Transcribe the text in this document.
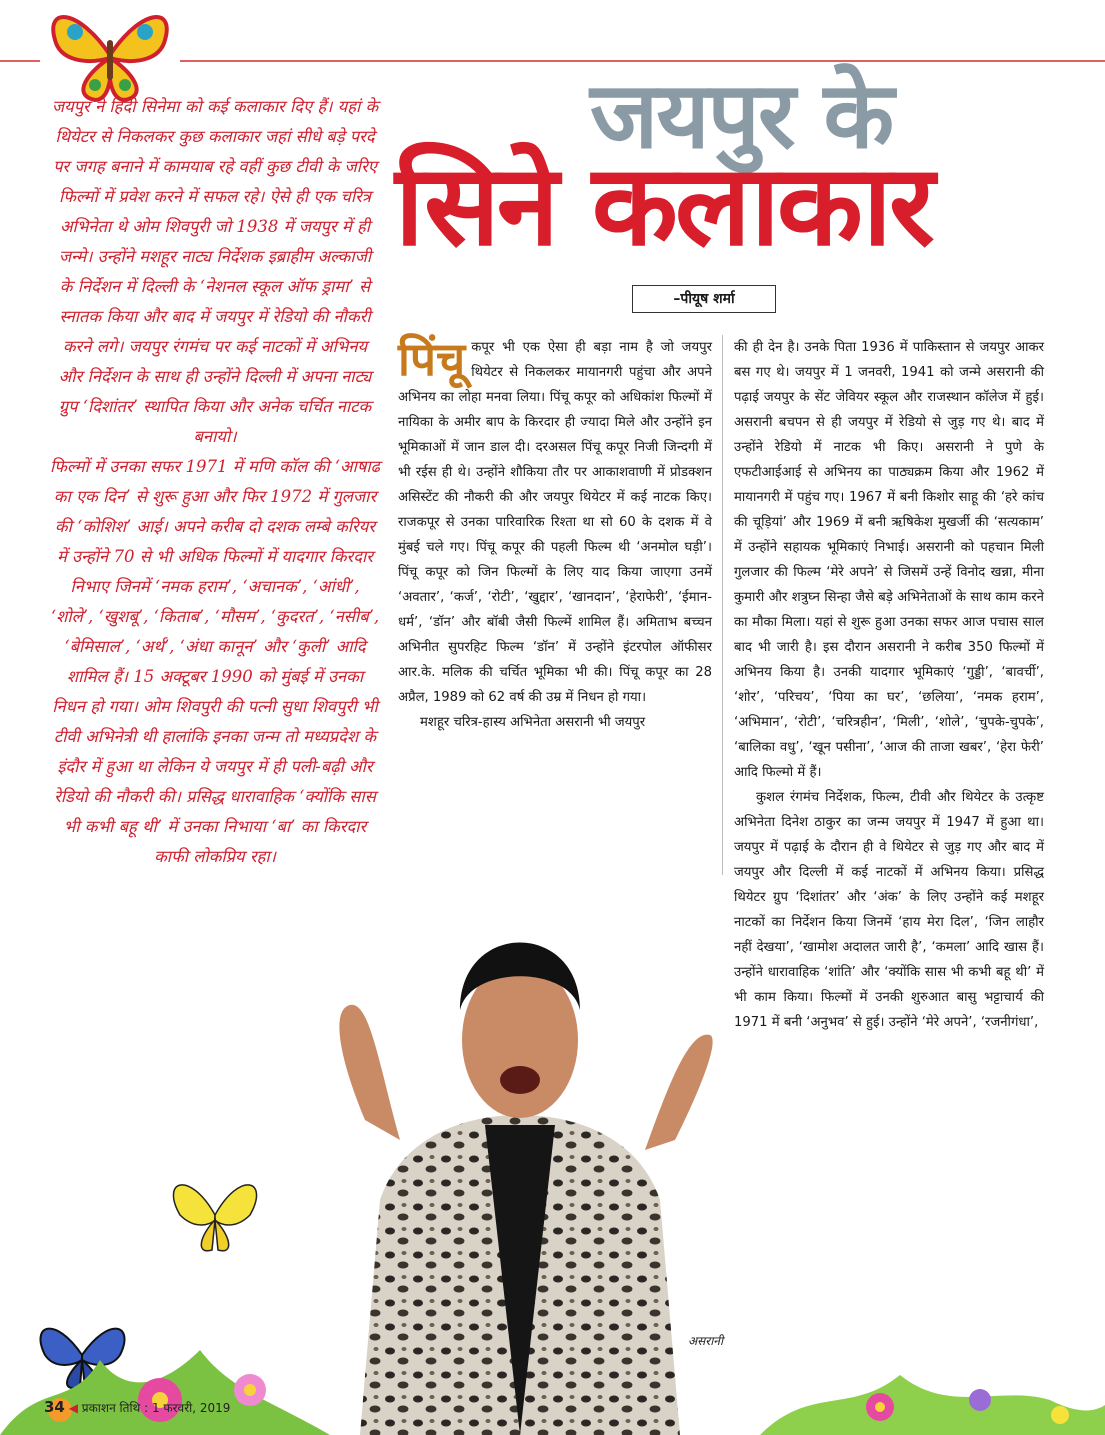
जयपुर के
सिने कलाकार
–पीयूष शर्मा

जयपुर ने हिंदी सिनेमा को कई कलाकार दिए हैं। यहां के थियेटर से निकलकर कुछ कलाकार जहां सीधे बड़े परदे पर जगह बनाने में कामयाब रहे वहीं कुछ टीवी के जरिए फिल्मों में प्रवेश करने में सफल रहे। ऐसे ही एक चरित्र अभिनेता थे ओम शिवपुरी जो 1938 में जयपुर में ही जन्मे। उन्होंने मशहूर नाट्य निर्देशक इब्राहीम अल्काजी के निर्देशन में दिल्ली के ‘नेशनल स्कूल ऑफ ड्रामा’ से स्नातक किया और बाद में जयपुर में रेडियो की नौकरी करने लगे। जयपुर रंगमंच पर कई नाटकों में अभिनय और निर्देशन के साथ ही उन्होंने दिल्ली में अपना नाट्य ग्रुप ‘दिशांतर’ स्थापित किया और अनेक चर्चित नाटक बनायो।

फिल्मों में उनका सफर 1971 में मणि कॉल की ‘आषाढ का एक दिन’ से शुरू हुआ और फिर 1972 में गुलजार की ‘कोशिश’ आई। अपने करीब दो दशक लम्बे करियर में उन्होंने 70 से भी अधिक फिल्मों में यादगार किरदार निभाए जिनमें ‘नमक हराम’, ‘अचानक’, ‘आंधी’, ‘शोले’, ‘खुशबू’, ‘किताब’, ‘मौसम’, ‘कुदरत’, ‘नसीब’, ‘बेमिसाल’, ‘अर्थ’, ‘अंधा कानून’ और ‘कुली’ आदि शामिल हैं। 15 अक्टूबर 1990 को मुंबई में उनका निधन हो गया। ओम शिवपुरी की पत्नी सुधा शिवपुरी भी टीवी अभिनेत्री थी हालांकि इनका जन्म तो मध्यप्रदेश के इंदौर में हुआ था लेकिन ये जयपुर में ही पली-बढ़ी और रेडियो की नौकरी की। प्रसिद्ध धारावाहिक ‘क्योंकि सास भी कभी बहू थी’ में उनका निभाया ‘बा’ का किरदार काफी लोकप्रिय रहा।

पिंचू कपूर भी एक ऐसा ही बड़ा नाम है जो जयपुर थियेटर से निकलकर मायानगरी पहुंचा और अपने अभिनय का लोहा मनवा लिया। पिंचू कपूर को अधिकांश फिल्मों में नायिका के अमीर बाप के किरदार ही ज्यादा मिले और उन्होंने इन भूमिकाओं में जान डाल दी। दरअसल पिंचू कपूर निजी जिन्दगी में भी रईस ही थे। उन्होंने शौकिया तौर पर आकाशवाणी में प्रोडक्शन असिस्टेंट की नौकरी की और जयपुर थियेटर में कई नाटक किए। राजकपूर से उनका पारिवारिक रिश्ता था सो 60 के दशक में वे मुंबई चले गए। पिंचू कपूर की पहली फिल्म थी ‘अनमोल घड़ी’। पिंचू कपूर को जिन फिल्मों के लिए याद किया जाएगा उनमें ‘अवतार’, ‘कर्ज’, ‘रोटी’, ‘खुद्दार’, ‘खानदान’, ‘हेराफेरी’, ‘ईमान-धर्म’, ‘डॉन’ और बॉबी जैसी फिल्में शामिल हैं। अमिताभ बच्चन अभिनीत सुपरहिट फिल्म ‘डॉन’ में उन्होंने इंटरपोल ऑफीसर आर.के. मलिक की चर्चित भूमिका भी की। पिंचू कपूर का 28 अप्रैल, 1989 को 62 वर्ष की उम्र में निधन हो गया।

मशहूर चरित्र-हास्य अभिनेता असरानी भी जयपुर

की ही देन है। उनके पिता 1936 में पाकिस्तान से जयपुर आकर बस गए थे। जयपुर में 1 जनवरी, 1941 को जन्मे असरानी की पढ़ाई जयपुर के सेंट जेवियर स्कूल और राजस्थान कॉलेज में हुई। असरानी बचपन से ही जयपुर में रेडियो से जुड़ गए थे। बाद में उन्होंने रेडियो में नाटक भी किए। असरानी ने पुणे के एफटीआईआई से अभिनय का पाठ्यक्रम किया और 1962 में मायानगरी में पहुंच गए। 1967 में बनी किशोर साहू की ‘हरे कांच की चूड़ियां’ और 1969 में बनी ऋषिकेश मुखर्जी की ‘सत्यकाम’ में उन्होंने सहायक भूमिकाएं निभाई। असरानी को पहचान मिली गुलजार की फिल्म ‘मेरे अपने’ से जिसमें उन्हें विनोद खन्ना, मीना कुमारी और शत्रुघ्न सिन्हा जैसे बड़े अभिनेताओं के साथ काम करने का मौका मिला। यहां से शुरू हुआ उनका सफर आज पचास साल बाद भी जारी है। इस दौरान असरानी ने करीब 350 फिल्मों में अभिनय किया है। उनकी यादगार भूमिकाएं ‘गुड्डी’, ‘बावर्ची’, ‘शोर’, ‘परिचय’, ‘पिया का घर’, ‘छलिया’, ‘नमक हराम’, ‘अभिमान’, ‘रोटी’, ‘चरित्रहीन’, ‘मिली’, ‘शोले’, ‘चुपके-चुपके’, ‘बालिका वधु’, ‘खून पसीना’, ‘आज की ताजा खबर’, ‘हेरा फेरी’ आदि फिल्मो में हैं।

कुशल रंगमंच निर्देशक, फिल्म, टीवी और थियेटर के उत्कृष्ट अभिनेता दिनेश ठाकुर का जन्म जयपुर में 1947 में हुआ था। जयपुर में पढ़ाई के दौरान ही वे थियेटर से जुड़ गए और बाद में जयपुर और दिल्ली में कई नाटकों में अभिनय किया। प्रसिद्ध थियेटर ग्रुप ‘दिशांतर’ और ‘अंक’ के लिए उन्होंने कई मशहूर नाटकों का निर्देशन किया जिनमें ‘हाय मेरा दिल’, ‘जिन लाहौर नहीं देखया’, ‘खामोश अदालत जारी है’, ‘कमला’ आदि खास हैं। उन्होंने धारावाहिक ‘शांति’ और ‘क्योंकि सास भी कभी बहू थी’ में भी काम किया। फिल्मों में उनकी शुरुआत बासु भट्टाचार्य की 1971 में बनी ‘अनुभव’ से हुई। उन्होंने ‘मेरे अपने’, ‘रजनीगंधा’,

असरानी
34 ◀ प्रकाशन तिथि : 1 फरवरी, 2019
